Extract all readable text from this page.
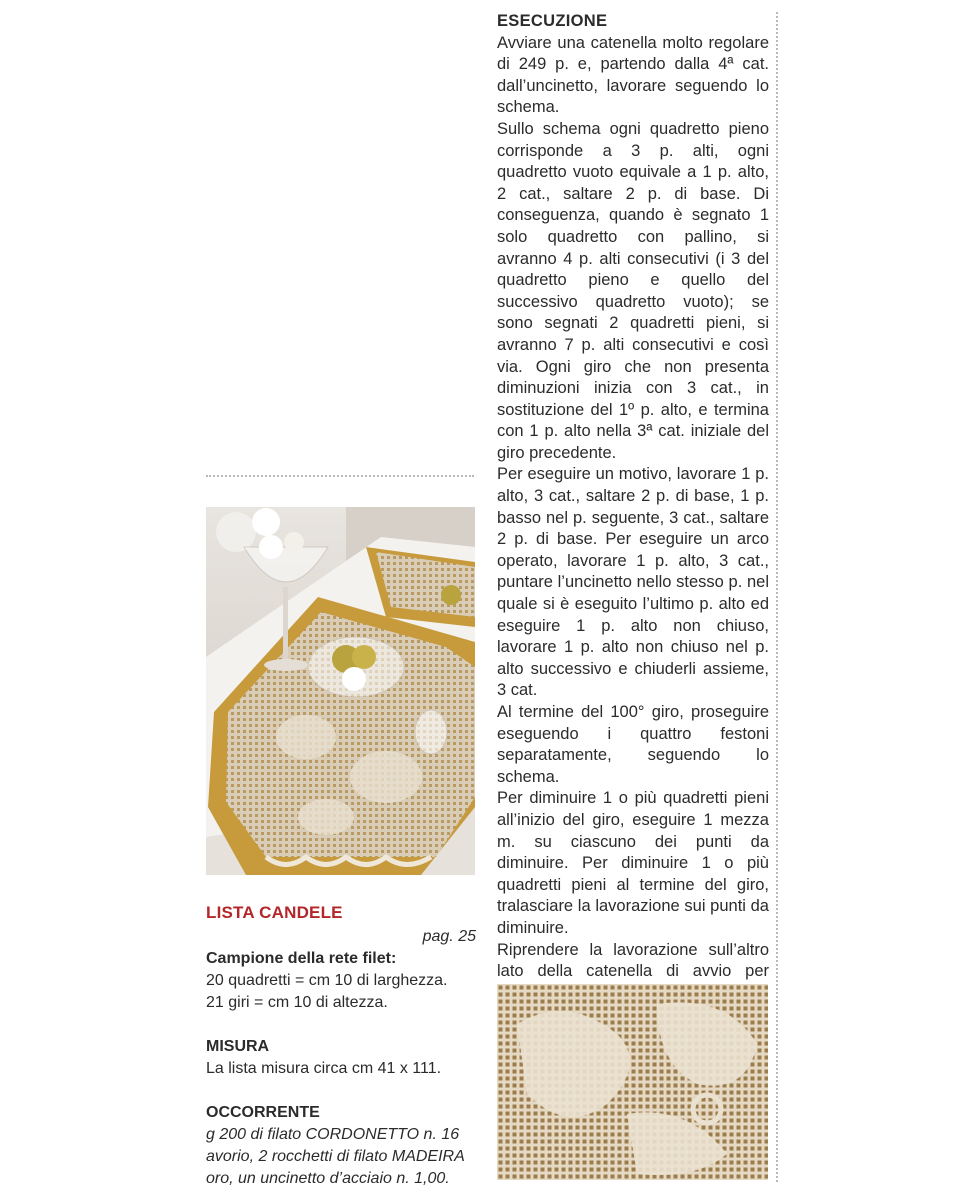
LISTA CANDELE
pag. 25
Campione della rete filet:
20 quadretti = cm 10 di larghezza.
21 giri = cm 10 di altezza.
MISURA
La lista misura circa cm 41 x 111.
OCCORRENTE
g 200 di filato CORDONETTO n. 16 avorio, 2 rocchetti di filato MADEIRA oro, un uncinetto d’acciaio n. 1,00.
ESECUZIONE

Avviare una catenella molto regolare di 249 p. e, partendo dalla 4ª cat. dall’uncinetto, lavorare seguendo lo schema.

Sullo schema ogni quadretto pieno corrisponde a 3 p. alti, ogni quadretto vuoto equivale a 1 p. alto, 2 cat., saltare 2 p. di base. Di conseguenza, quando è segnato 1 solo quadretto con pallino, si avranno 4 p. alti consecutivi (i 3 del quadretto pieno e quello del successivo quadretto vuoto); se sono segnati 2 quadretti pieni, si avranno 7 p. alti consecutivi e così via. Ogni giro che non presenta diminuzioni inizia con 3 cat., in sostituzione del 1º p. alto, e termina con 1 p. alto nella 3ª cat. iniziale del giro precedente.

Per eseguire un motivo, lavorare 1 p. alto, 3 cat., saltare 2 p. di base, 1 p. basso nel p. seguente, 3 cat., saltare 2 p. di base. Per eseguire un arco operato, lavorare 1 p. alto, 3 cat., puntare l’uncinetto nello stesso p. nel quale si è eseguito l’ultimo p. alto ed eseguire 1 p. alto non chiuso, lavorare 1 p. alto non chiuso nel p. alto successivo e chiuderli assieme, 3 cat.

Al termine del 100° giro, proseguire eseguendo i quattro festoni separatamente, seguendo lo schema.

Per diminuire 1 o più quadretti pieni all’inizio del giro, eseguire 1 mezza m. su ciascuno dei punti da diminuire. Per diminuire 1 o più quadretti pieni al termine del giro, tralasciare la lavorazione sui punti da diminuire.

Riprendere la lavorazione sull’altro lato della catenella di avvio per
